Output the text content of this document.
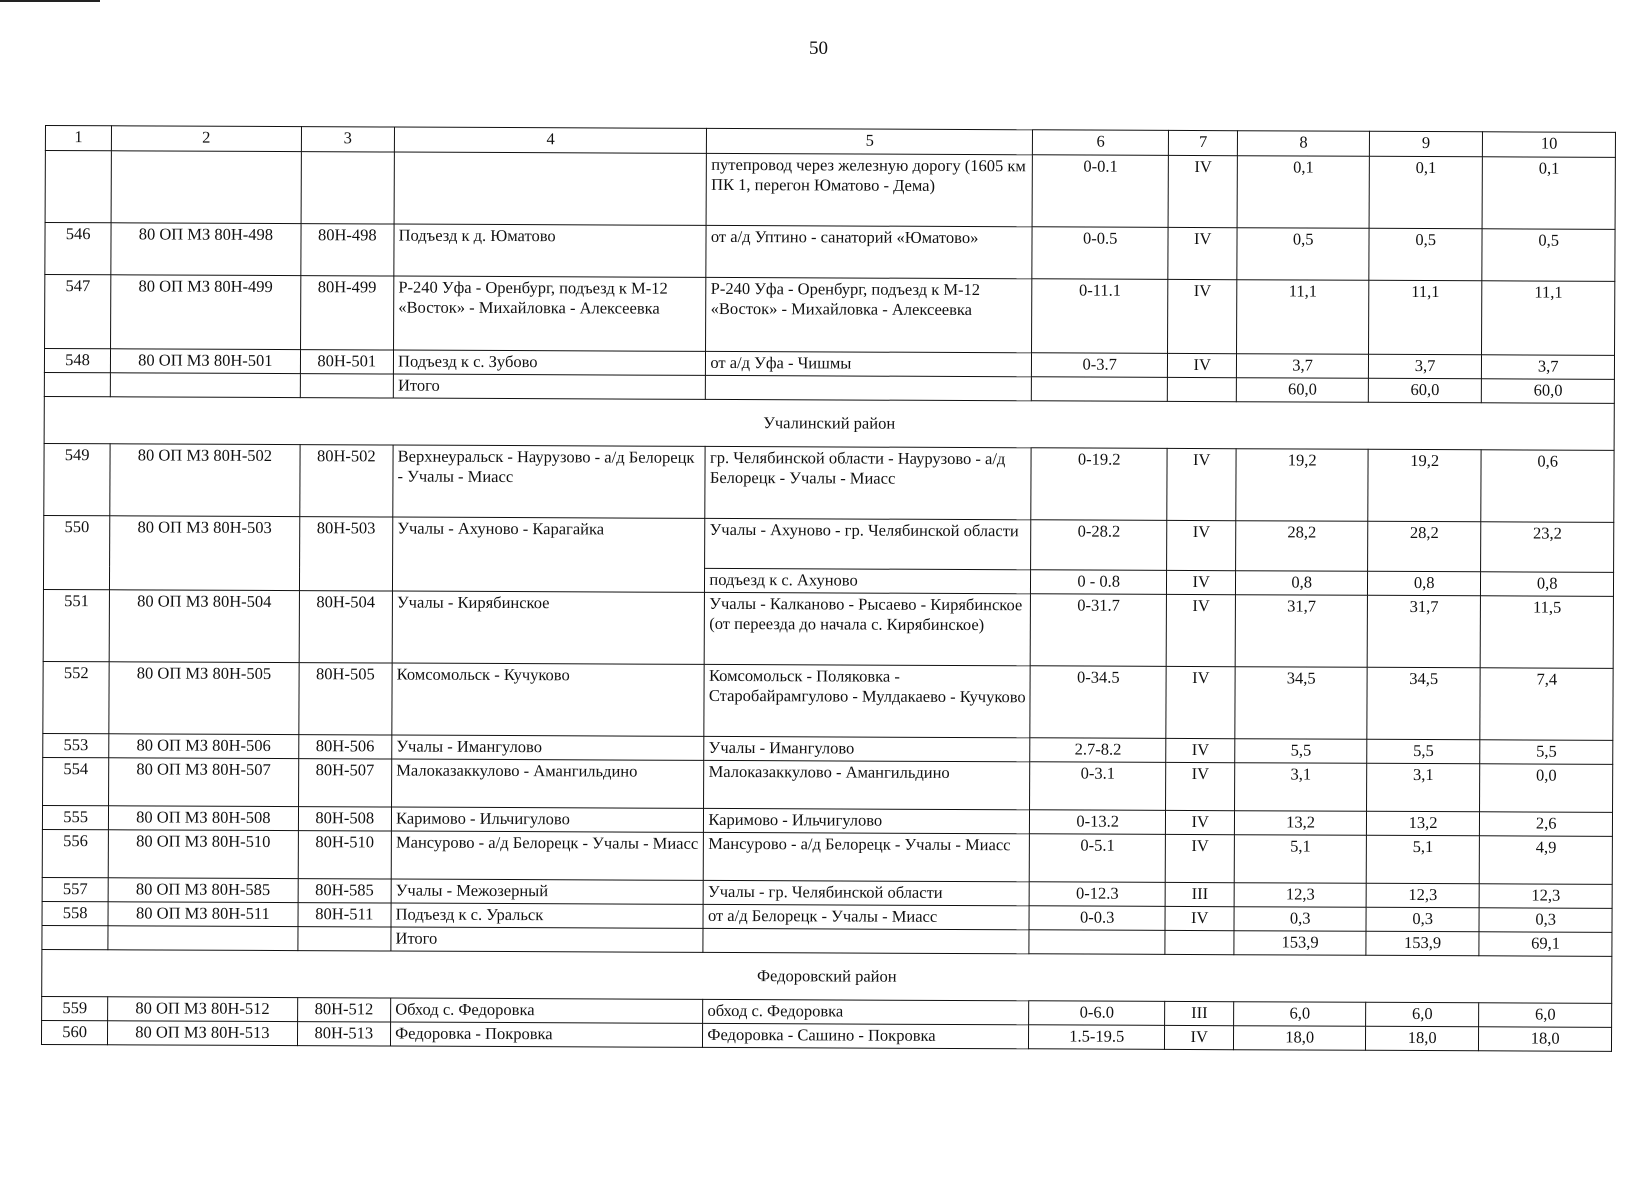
50
1	2	3	4	5	6	7	8	9	10
				путепровод через железную дорогу (1605 км ПК 1, перегон Юматово - Дема)	0-0.1	IV	0,1	0,1	0,1
546	80 ОП МЗ 80Н-498	80Н-498	Подъезд к д. Юматово	от а/д Уптино - санаторий «Юматово»	0-0.5	IV	0,5	0,5	0,5
547	80 ОП МЗ 80Н-499	80Н-499	Р-240 Уфа - Оренбург, подъезд к М-12 «Восток» - Михайловка - Алексеевка	Р-240 Уфа - Оренбург, подъезд к М-12 «Восток» - Михайловка - Алексеевка	0-11.1	IV	11,1	11,1	11,1
548	80 ОП МЗ 80Н-501	80Н-501	Подъезд к с. Зубово	от а/д Уфа - Чишмы	0-3.7	IV	3,7	3,7	3,7
			Итого				60,0	60,0	60,0
Учалинский район									
549	80 ОП МЗ 80Н-502	80Н-502	Верхнеуральск - Наурузово - а/д Белорецк - Учалы - Миасс	гр. Челябинской области - Наурузово - а/д Белорецк - Учалы - Миасс	0-19.2	IV	19,2	19,2	0,6
550	80 ОП МЗ 80Н-503	80Н-503	Учалы - Ахуново - Карагайка	Учалы - Ахуново - гр. Челябинской области	0-28.2	IV	28,2	28,2	23,2
				подъезд к с. Ахуново	0 - 0.8	IV	0,8	0,8	0,8
551	80 ОП МЗ 80Н-504	80Н-504	Учалы - Кирябинское	Учалы - Калканово - Рысаево - Кирябинское (от переезда до начала с. Кирябинское)	0-31.7	IV	31,7	31,7	11,5
552	80 ОП МЗ 80Н-505	80Н-505	Комсомольск - Кучуково	Комсомольск - Поляковка - Старобайрамгулово - Мулдакаево - Кучуково	0-34.5	IV	34,5	34,5	7,4
553	80 ОП МЗ 80Н-506	80Н-506	Учалы - Имангулово	Учалы - Имангулово	2.7-8.2	IV	5,5	5,5	5,5
554	80 ОП МЗ 80Н-507	80Н-507	Малоказаккулово - Амангильдино	Малоказаккулово - Амангильдино	0-3.1	IV	3,1	3,1	0,0
555	80 ОП МЗ 80Н-508	80Н-508	Каримово - Ильчигулово	Каримово - Ильчигулово	0-13.2	IV	13,2	13,2	2,6
556	80 ОП МЗ 80Н-510	80Н-510	Мансурово - а/д Белорецк - Учалы - Миасс	Мансурово - а/д Белорецк - Учалы - Миасс	0-5.1	IV	5,1	5,1	4,9
557	80 ОП МЗ 80Н-585	80Н-585	Учалы - Межозерный	Учалы - гр. Челябинской области	0-12.3	III	12,3	12,3	12,3
558	80 ОП МЗ 80Н-511	80Н-511	Подъезд к с. Уральск	от а/д Белорецк - Учалы - Миасс	0-0.3	IV	0,3	0,3	0,3
			Итого				153,9	153,9	69,1
Федоровский район									
559	80 ОП МЗ 80Н-512	80Н-512	Обход с. Федоровка	обход с. Федоровка	0-6.0	III	6,0	6,0	6,0
560	80 ОП МЗ 80Н-513	80Н-513	Федоровка - Покровка	Федоровка - Сашино - Покровка	1.5-19.5	IV	18,0	18,0	18,0
